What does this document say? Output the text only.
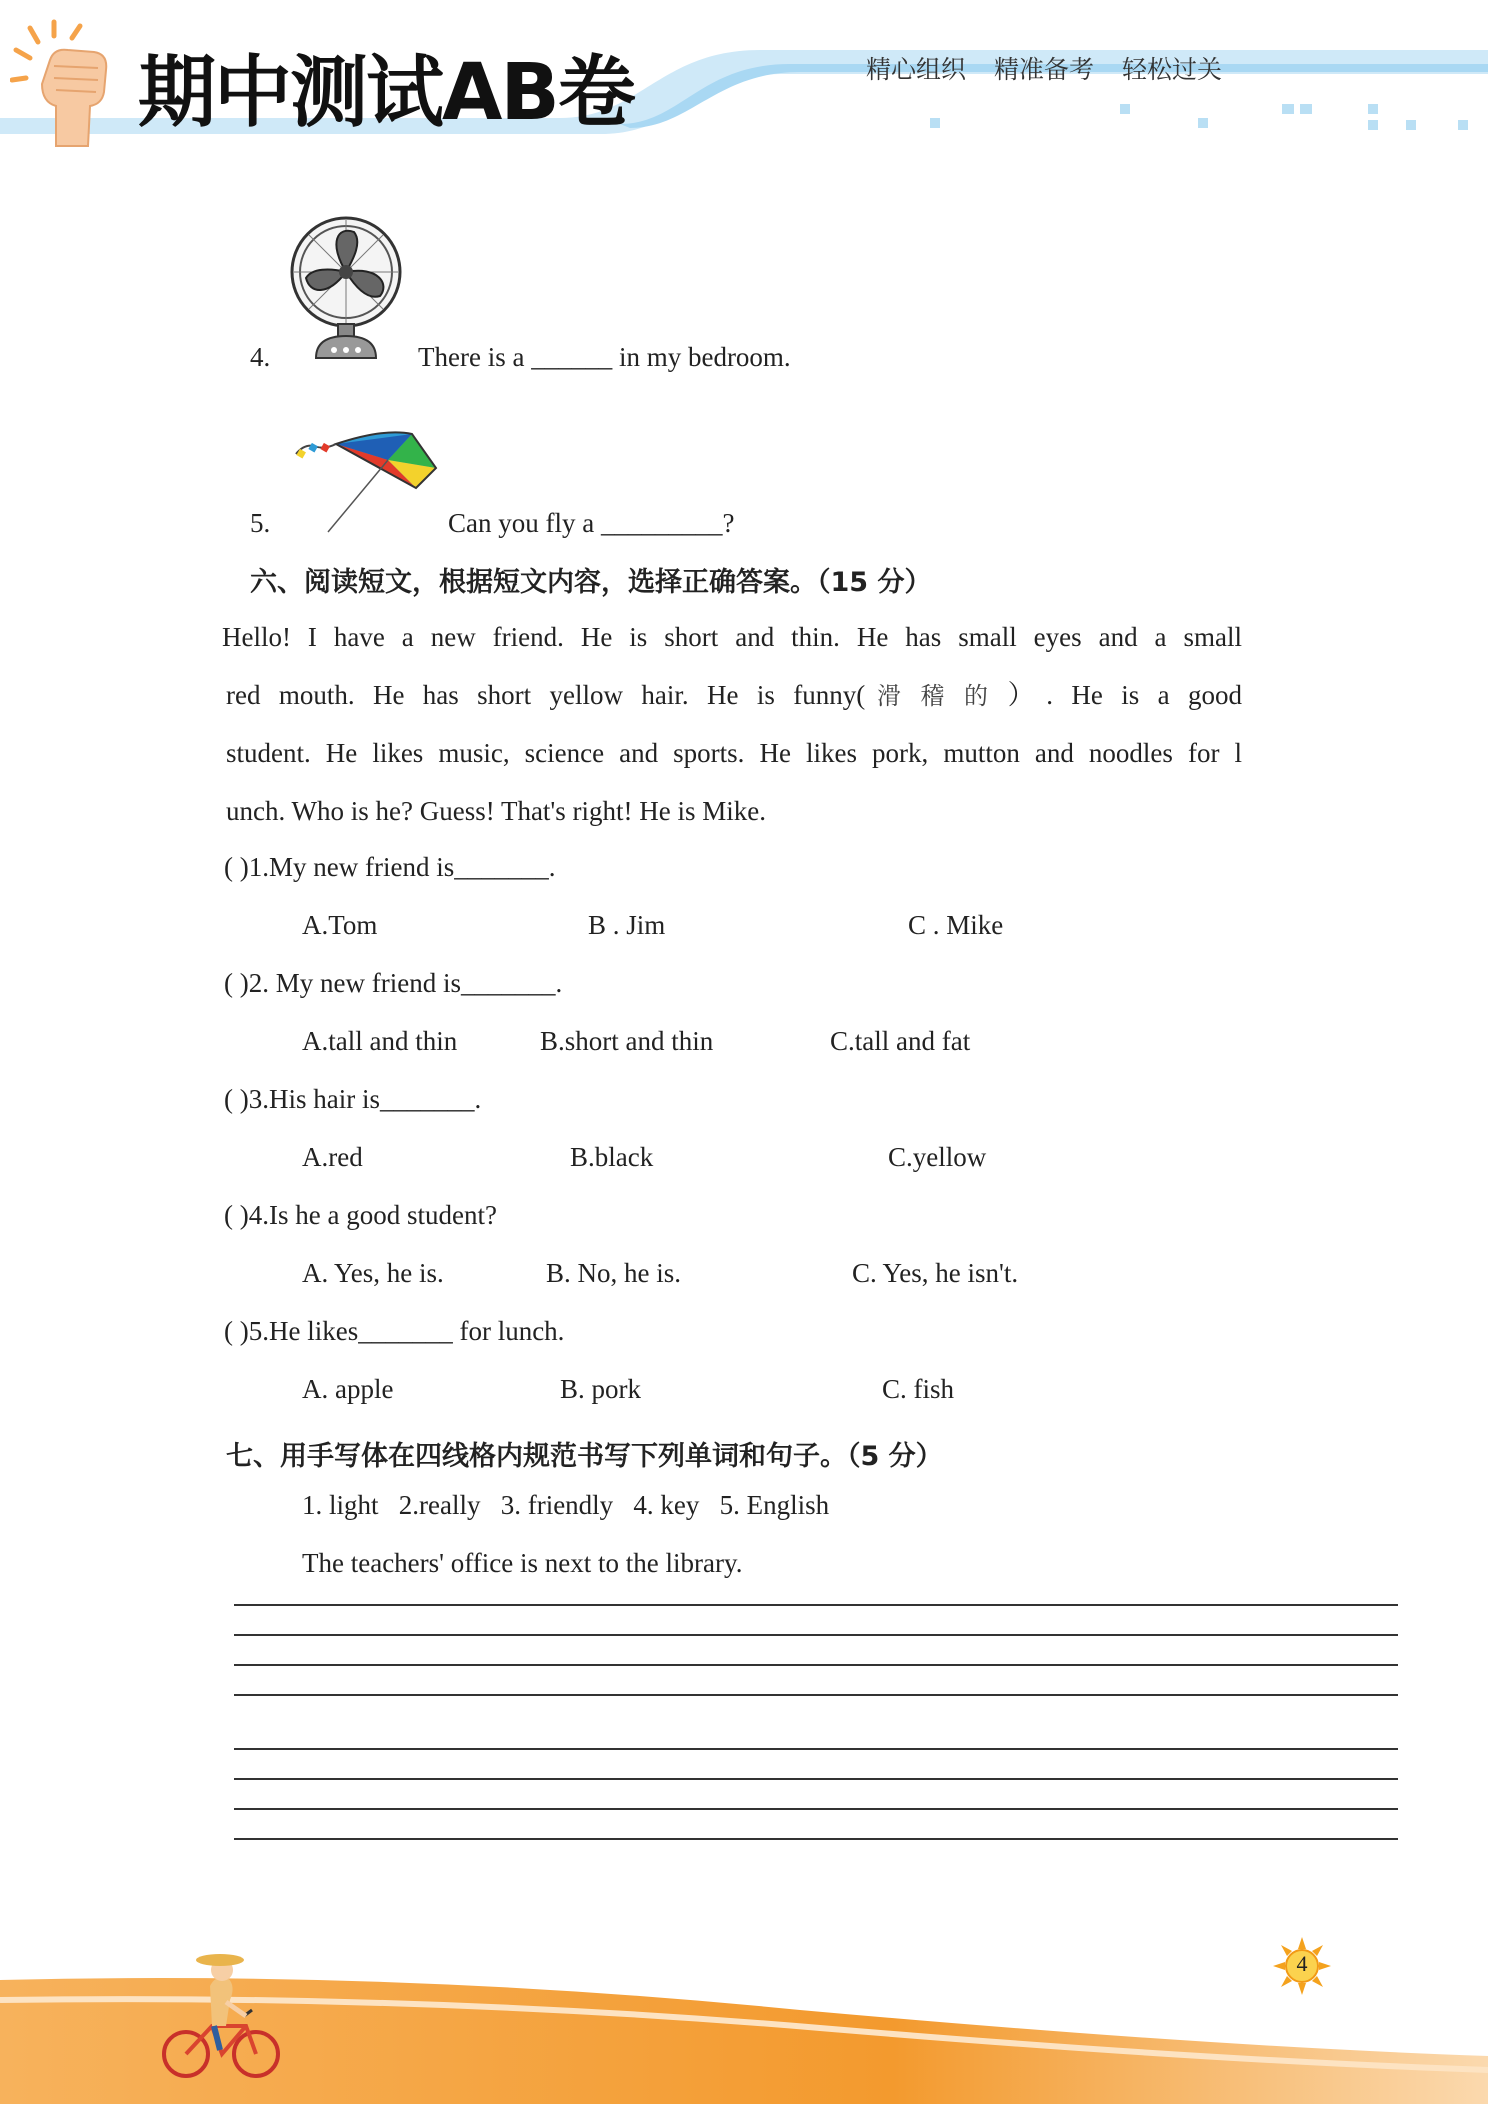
期中测试AB卷	精心组织 精准备考 轻松过关
4.	There is a ______ in my bedroom.
5.	Can you fly a _________?
六、阅读短文，根据短文内容，选择正确答案。（15 分）
Hello! I have a new friend. He is short and thin. He has small eyes and a small
red mouth. He has short yellow hair. He is funny(滑稽的）. He is a good
student. He likes music, science and sports. He likes pork, mutton and noodles for l
unch. Who is he? Guess! That's right! He is Mike.
( )1.My new friend is_______.
A.Tom	B . Jim	C . Mike
( )2. My new friend is_______.
A.tall and thin	B.short and thin	C.tall and fat
( )3.His hair is_______.
A.red	B.black	C.yellow
( )4.Is he a good student?
A. Yes, he is.	B. No, he is.	C. Yes, he isn't.
( )5.He likes_______ for lunch.
A. apple	B. pork	C. fish
七、用手写体在四线格内规范书写下列单词和句子。（5 分）
1. light   2.really   3. friendly   4. key   5. English
The teachers' office is next to the library.
4
